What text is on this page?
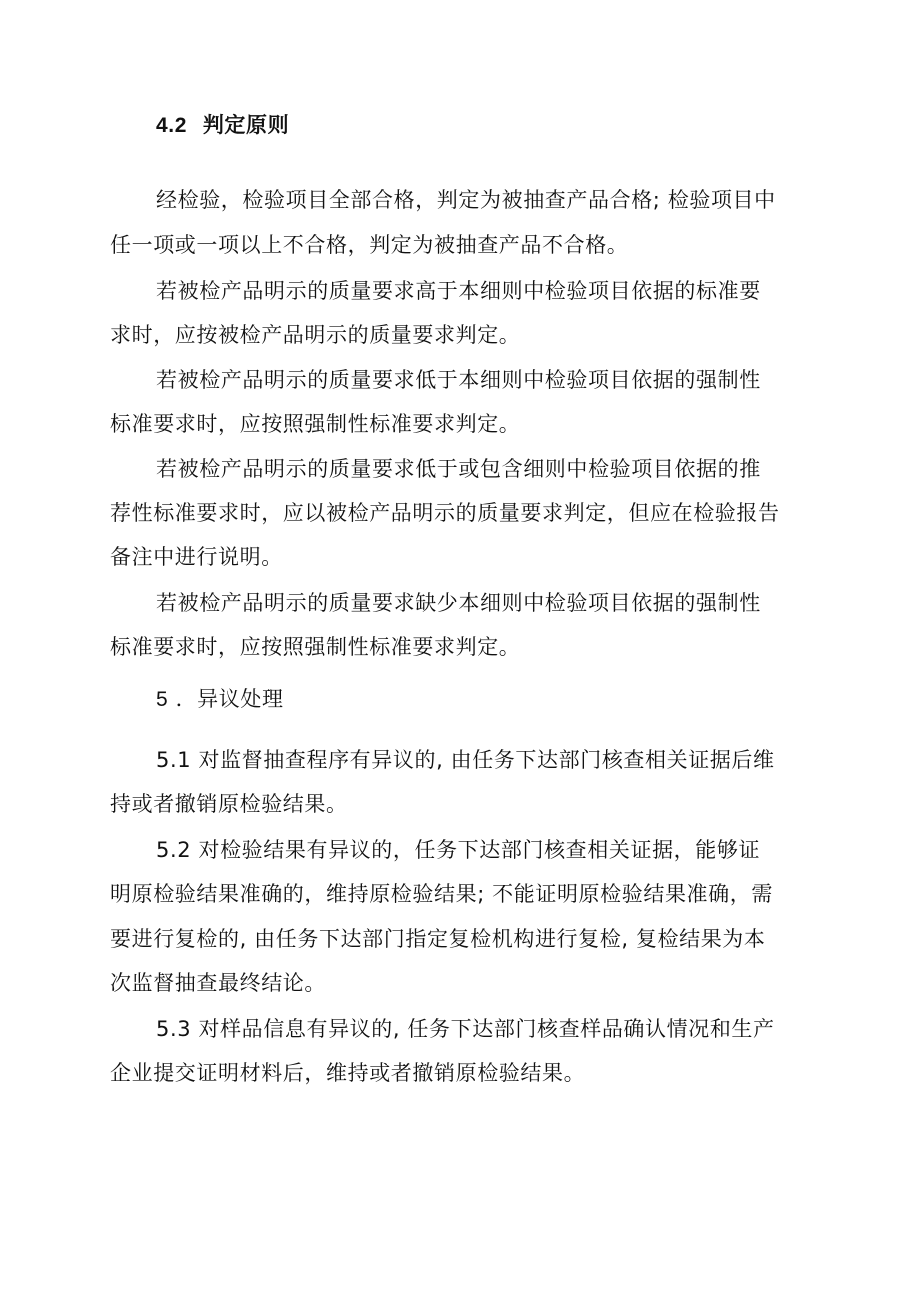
4.2 判定原则
经检验，检验项目全部合格，判定为被抽查产品合格; 检验项目中
任一项或一项以上不合格，判定为被抽查产品不合格。
若被检产品明示的质量要求高于本细则中检验项目依据的标准要
求时，应按被检产品明示的质量要求判定。
若被检产品明示的质量要求低于本细则中检验项目依据的强制性
标准要求时，应按照强制性标准要求判定。
若被检产品明示的质量要求低于或包含细则中检验项目依据的推
荐性标准要求时，应以被检产品明示的质量要求判定，但应在检验报告
备注中进行说明。
若被检产品明示的质量要求缺少本细则中检验项目依据的强制性
标准要求时，应按照强制性标准要求判定。
5 ．异议处理
5.1 对监督抽查程序有异议的, 由任务下达部门核查相关证据后维
持或者撤销原检验结果。
5.2 对检验结果有异议的，任务下达部门核查相关证据，能够证
明原检验结果准确的，维持原检验结果; 不能证明原检验结果准确，需
要进行复检的, 由任务下达部门指定复检机构进行复检, 复检结果为本
次监督抽查最终结论。
5.3 对样品信息有异议的, 任务下达部门核查样品确认情况和生产
企业提交证明材料后，维持或者撤销原检验结果。
